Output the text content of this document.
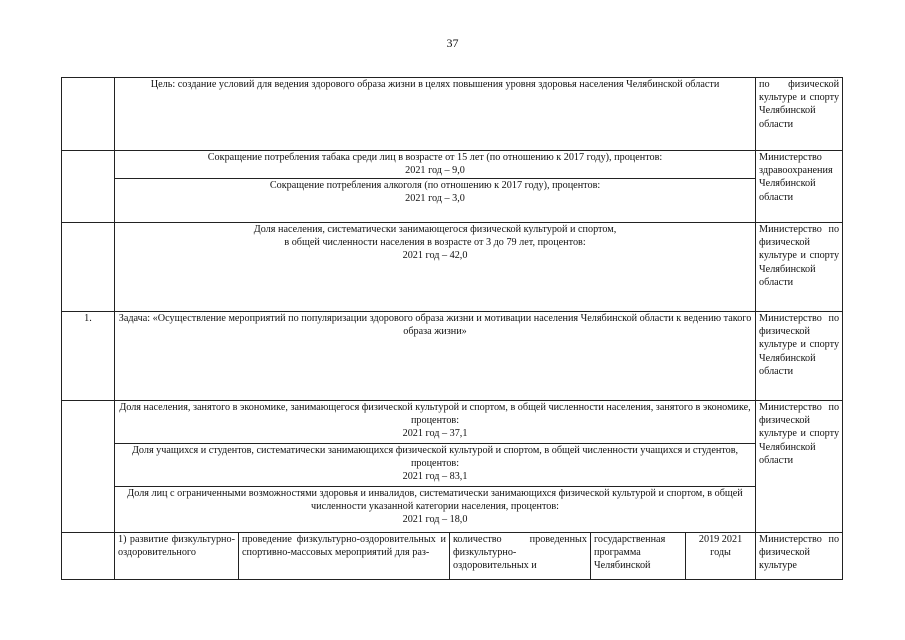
37
	Цель: создание условий для ведения здорового образа жизни в целях повышения уровня здоровья населения Челябинской области					по физической культуре и спорту Челябинской области

	Сокращение потребления табака среди лиц в возрасте от 15 лет (по отношению к 2017 году), процентов:
2021 год – 9,0					Министерство здравоохранения Челябинской области

	Сокращение потребления алкоголя (по отношению к 2017 году), процентов:
2021 год – 3,0					

	Доля населения, систематически занимающегося физической культурой и спортом,
в общей численности населения в возрасте от 3 до 79 лет, процентов:
2021 год – 42,0					Министерство по физической культуре и спорту Челябинской области
1.	Задача: «Осуществление мероприятий по популяризации здорового образа жизни и мотивации населения Челябинской области к ведению такого образа жизни»					Министерство по физической культуре и спорту Челябинской области

	Доля населения, занятого в экономике, занимающегося физической культурой и спортом, в общей численности населения, занятого в экономике, процентов:
2021 год – 37,1					Министерство по физической культуре и спорту Челябинской области

	Доля учащихся и студентов, систематически занимающихся физической культурой и спортом, в общей численности учащихся и студентов, процентов:
2021 год – 83,1					

	Доля лиц с ограниченными возможностями здоровья и инвалидов, систематически занимающихся физической культурой и спортом, в общей численности указанной категории населения, процентов:
2021 год – 18,0					

	1) развитие физкультурно-оздоровительного	проведение физкультурно-оздоровительных и спортивно-массовых мероприятий для раз-	количество проведенных физкультурно-оздоровительных и	государственная программа Челябинской	2019 2021 годы	Министерство по физической культуре
